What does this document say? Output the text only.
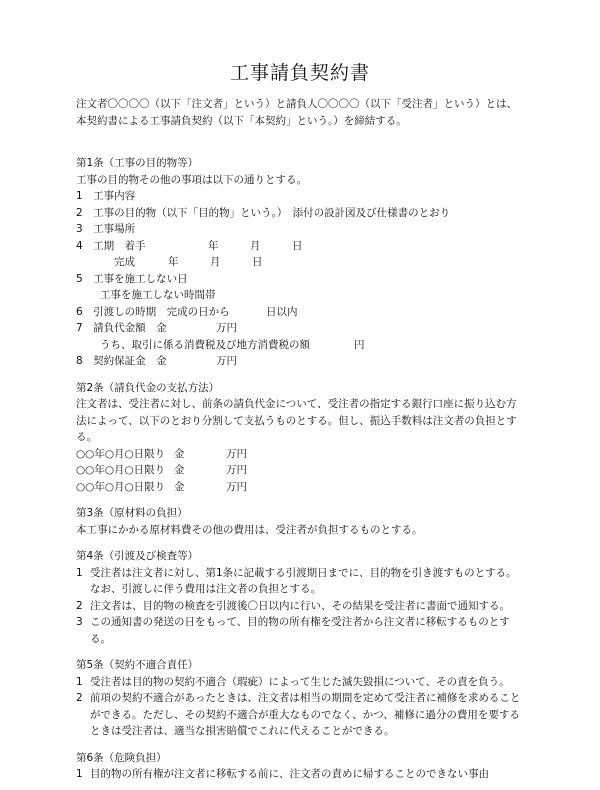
工事請負契約書

注文者〇〇〇〇（以下「注文者」という）と請負人〇〇〇〇（以下「受注者」という）とは、本契約書による工事請負契約（以下「本契約」という。）を締結する。

第1条（工事の目的物等）

工事の目的物その他の事項は以下の通りとする。

1　工事内容

2　工事の目的物（以下「目的物」という。）　添付の設計図及び仕様書のとおり

3　工事場所

4　工期　着手	年	月	日

完成	年	月	日

5　工事を施工しない日

工事を施工しない時間帯

6　引渡しの時期　完成の日から	日以内

7　請負代金額　金	万円

うち、取引に係る消費税及び地方消費税の額	円

8　契約保証金　金	万円

第2条（請負代金の支払方法）

注文者は、受注者に対し、前条の請負代金について、受注者の指定する銀行口座に振り込む方法によって、以下のとおり分割して支払うものとする。但し、振込手数料は注文者の負担とする。

○○年○月○日限り 金	万円

○○年○月○日限り 金	万円

○○年○月○日限り 金	万円

第3条（原材料の負担）

本工事にかかる原材料費その他の費用は、受注者が負担するものとする。

第4条（引渡及び検査等）

1 受注者は注文者に対し、第1条に記載する引渡期日までに、目的物を引き渡すものとする。なお、引渡しに伴う費用は注文者の負担とする。
2 注文者は、目的物の検査を引渡後〇日以内に行い、その結果を受注者に書面で通知する。
3 この通知書の発送の日をもって、目的物の所有権を受注者から注文者に移転するものとする。

第5条（契約不適合責任）

1 受注者は目的物の契約不適合（瑕疵）によって生じた滅失毀損について、その責を負う。
2 前項の契約不適合があったときは、注文者は相当の期間を定めて受注者に補修を求めることができる。ただし、その契約不適合が重大なものでなく、かつ、補修に過分の費用を要するときは受注者は、適当な損害賠償でこれに代えることができる。

第6条（危険負担）

1 目的物の所有権が注文者に移転する前に、注文者の責めに帰することのできない事由
